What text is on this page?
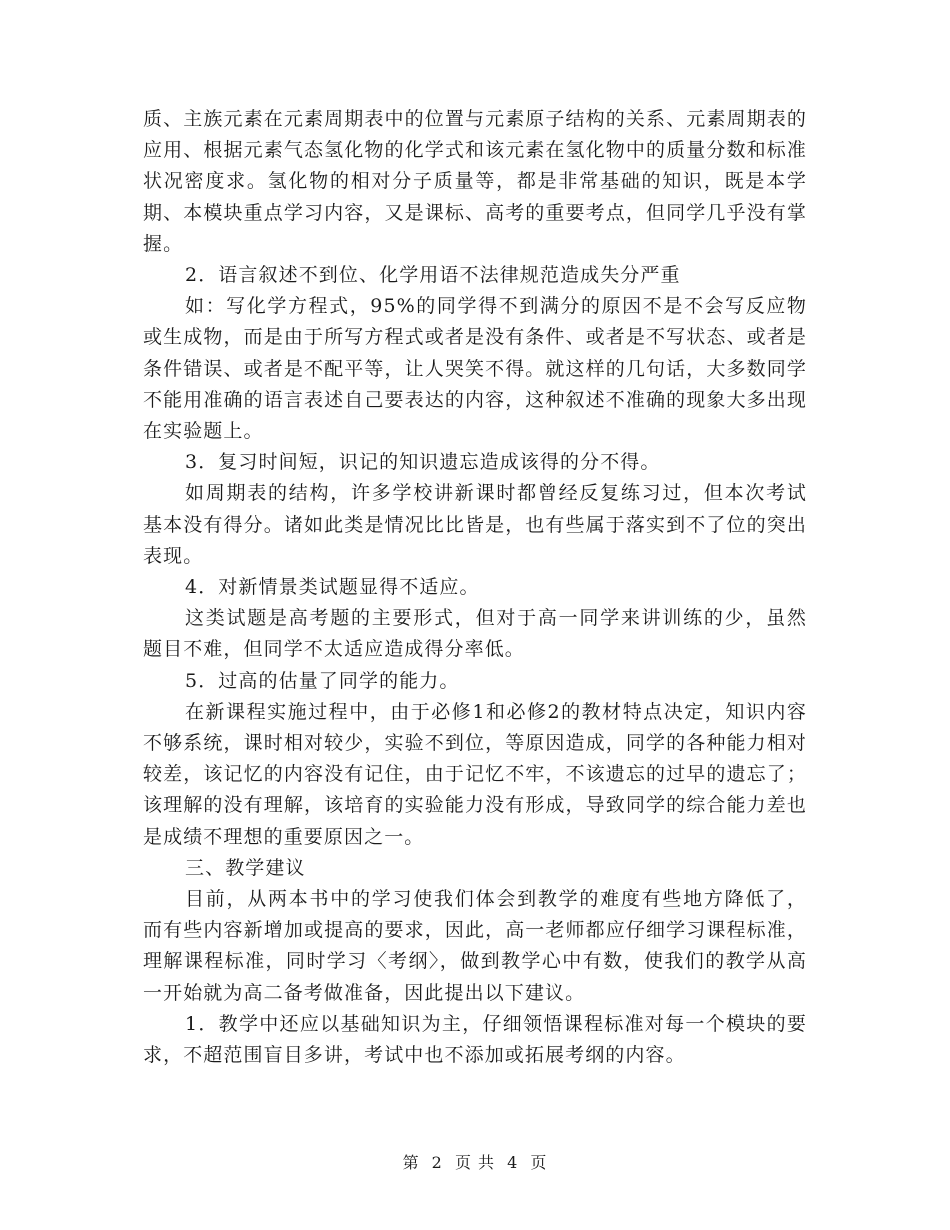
质、主族元素在元素周期表中的位置与元素原子结构的关系、元素周期表的应用、根据元素气态氢化物的化学式和该元素在氢化物中的质量分数和标准状况密度求。氢化物的相对分子质量等，都是非常基础的知识，既是本学期、本模块重点学习内容，又是课标、高考的重要考点，但同学几乎没有掌握。

2．语言叙述不到位、化学用语不法律规范造成失分严重

如：写化学方程式，95%的同学得不到满分的原因不是不会写反应物或生成物，而是由于所写方程式或者是没有条件、或者是不写状态、或者是条件错误、或者是不配平等，让人哭笑不得。就这样的几句话，大多数同学不能用准确的语言表述自己要表达的内容，这种叙述不准确的现象大多出现在实验题上。

3．复习时间短，识记的知识遗忘造成该得的分不得。

如周期表的结构，许多学校讲新课时都曾经反复练习过，但本次考试基本没有得分。诸如此类是情况比比皆是，也有些属于落实到不了位的突出表现。

4．对新情景类试题显得不适应。

这类试题是高考题的主要形式，但对于高一同学来讲训练的少，虽然题目不难，但同学不太适应造成得分率低。

5．过高的估量了同学的能力。

在新课程实施过程中，由于必修1和必修2的教材特点决定，知识内容不够系统，课时相对较少，实验不到位，等原因造成，同学的各种能力相对较差，该记忆的内容没有记住，由于记忆不牢，不该遗忘的过早的遗忘了；该理解的没有理解，该培育的实验能力没有形成，导致同学的综合能力差也是成绩不理想的重要原因之一。

三、教学建议

目前，从两本书中的学习使我们体会到教学的难度有些地方降低了，而有些内容新增加或提高的要求，因此，高一老师都应仔细学习课程标准，理解课程标准，同时学习〈考纲〉，做到教学心中有数，使我们的教学从高一开始就为高二备考做准备，因此提出以下建议。

1．教学中还应以基础知识为主，仔细领悟课程标准对每一个模块的要求，不超范围盲目多讲，考试中也不添加或拓展考纲的内容。

第 2 页 共 4 页
